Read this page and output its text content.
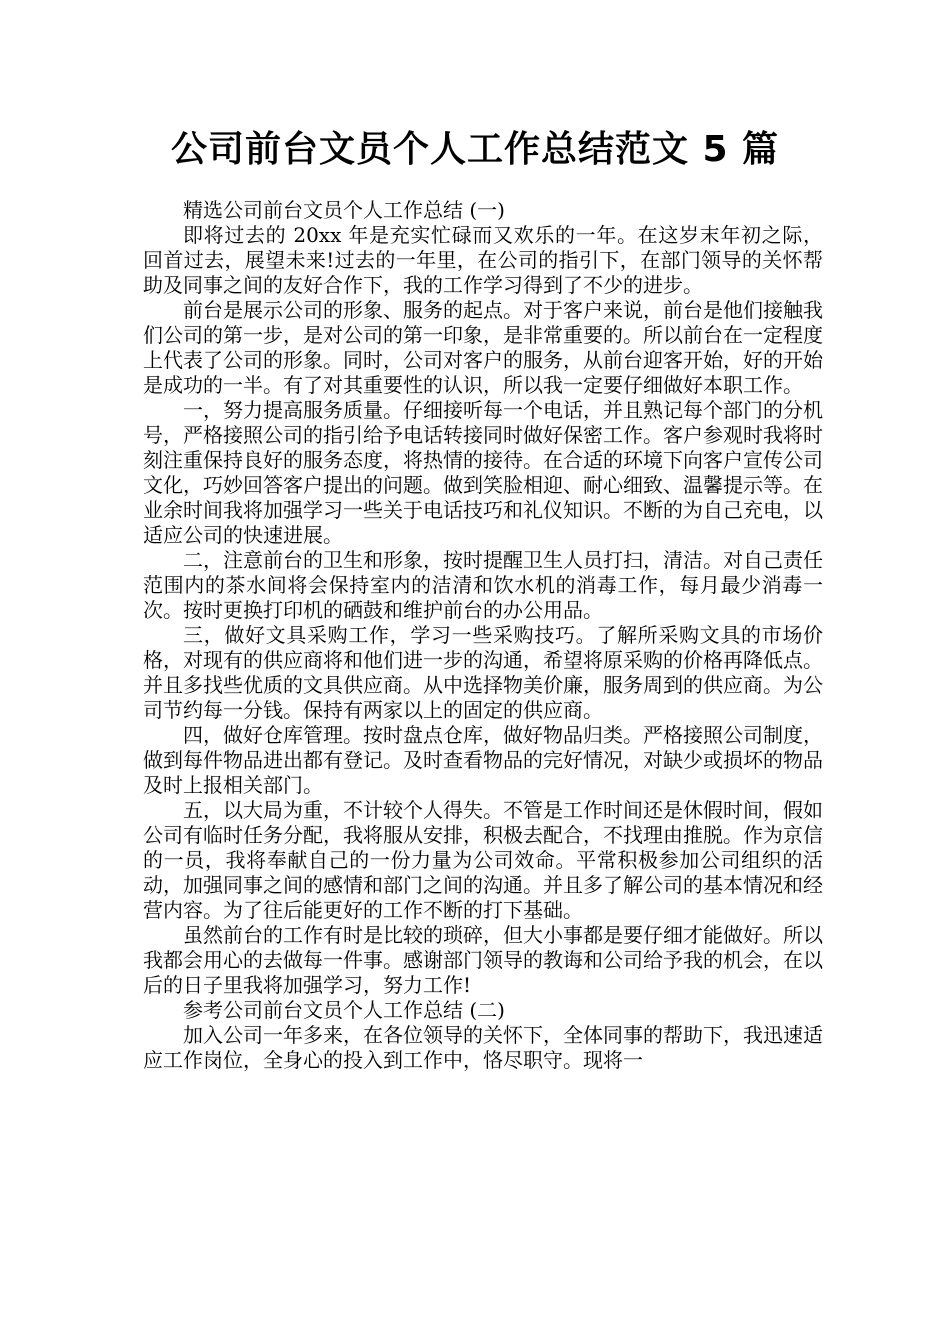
公司前台文员个人工作总结范文 5 篇

精选公司前台文员个人工作总结 (一)

即将过去的 20xx 年是充实忙碌而又欢乐的一年。在这岁末年初之际，回首过去，展望未来!过去的一年里，在公司的指引下，在部门领导的关怀帮助及同事之间的友好合作下，我的工作学习得到了不少的进步。

前台是展示公司的形象、服务的起点。对于客户来说，前台是他们接触我们公司的第一步，是对公司的第一印象，是非常重要的。所以前台在一定程度上代表了公司的形象。同时，公司对客户的服务，从前台迎客开始，好的开始是成功的一半。有了对其重要性的认识，所以我一定要仔细做好本职工作。

一，努力提高服务质量。仔细接听每一个电话，并且熟记每个部门的分机号，严格接照公司的指引给予电话转接同时做好保密工作。客户参观时我将时刻注重保持良好的服务态度，将热情的接待。在合适的环境下向客户宣传公司文化，巧妙回答客户提出的问题。做到笑脸相迎、耐心细致、温馨提示等。在业余时间我将加强学习一些关于电话技巧和礼仪知识。不断的为自己充电，以适应公司的快速进展。

二，注意前台的卫生和形象，按时提醒卫生人员打扫，清洁。对自己责任范围内的茶水间将会保持室内的洁清和饮水机的消毒工作，每月最少消毒一次。按时更换打印机的硒鼓和维护前台的办公用品。

三，做好文具采购工作，学习一些采购技巧。了解所采购文具的市场价格，对现有的供应商将和他们进一步的沟通，希望将原采购的价格再降低点。并且多找些优质的文具供应商。从中选择物美价廉，服务周到的供应商。为公司节约每一分钱。保持有两家以上的固定的供应商。

四，做好仓库管理。按时盘点仓库，做好物品归类。严格接照公司制度，做到每件物品进出都有登记。及时查看物品的完好情况，对缺少或损坏的物品及时上报相关部门。

五，以大局为重，不计较个人得失。不管是工作时间还是休假时间，假如公司有临时任务分配，我将服从安排，积极去配合，不找理由推脱。作为京信的一员，我将奉献自己的一份力量为公司效命。平常积极参加公司组织的活动，加强同事之间的感情和部门之间的沟通。并且多了解公司的基本情况和经营内容。为了往后能更好的工作不断的打下基础。

虽然前台的工作有时是比较的琐碎，但大小事都是要仔细才能做好。所以我都会用心的去做每一件事。感谢部门领导的教诲和公司给予我的机会，在以后的日子里我将加强学习，努力工作!

参考公司前台文员个人工作总结 (二)

加入公司一年多来，在各位领导的关怀下，全体同事的帮助下，我迅速适应工作岗位，全身心的投入到工作中，恪尽职守。现将一
